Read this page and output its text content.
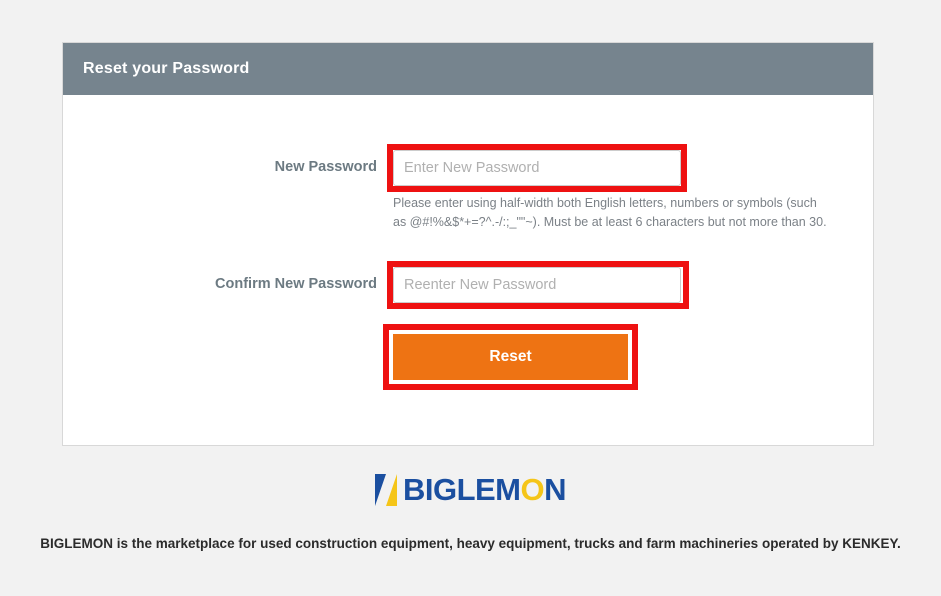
Reset your Password
New Password
Please enter using half-width both English letters, numbers or symbols (such as @#!%&$*+=?^.-/:;_""~). Must be at least 6 characters but not more than 30.
Confirm New Password
Reset
BIGLEMON
BIGLEMON is the marketplace for used construction equipment, heavy equipment, trucks and farm machineries operated by KENKEY.
